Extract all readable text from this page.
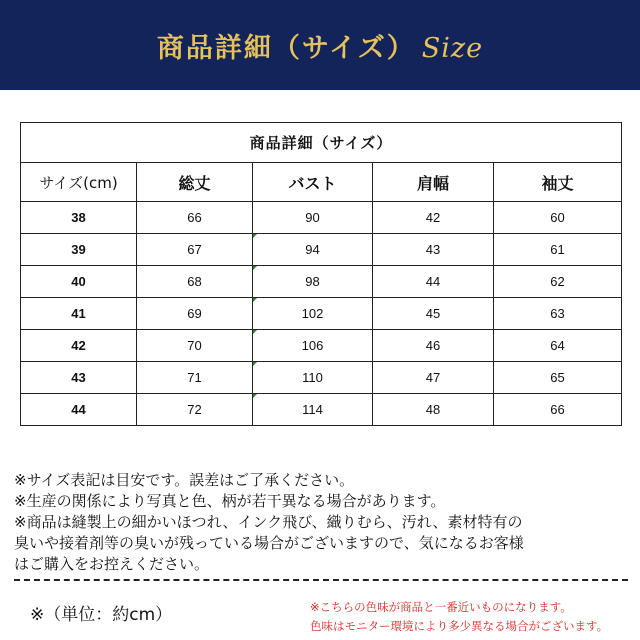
商品詳細（サイズ） Size
商品詳細（サイズ）				
サイズ(cm)	総丈	バスト	肩幅	袖丈
38	66	90	42	60
39	67	94	43	61
40	68	98	44	62
41	69	102	45	63
42	70	106	46	64
43	71	110	47	65
44	72	114	48	66
※サイズ表記は目安です。誤差はご了承ください。
※生産の関係により写真と色、柄が若干異なる場合があります。
※商品は縫製上の細かいほつれ、インク飛び、織りむら、汚れ、素材特有の
臭いや接着剤等の臭いが残っている場合がございますので、気になるお客様
はご購入をお控えください。
※（単位：約cm）	※こちらの色味が商品と一番近いものになります。
色味はモニター環境により多少異なる場合がございます。
